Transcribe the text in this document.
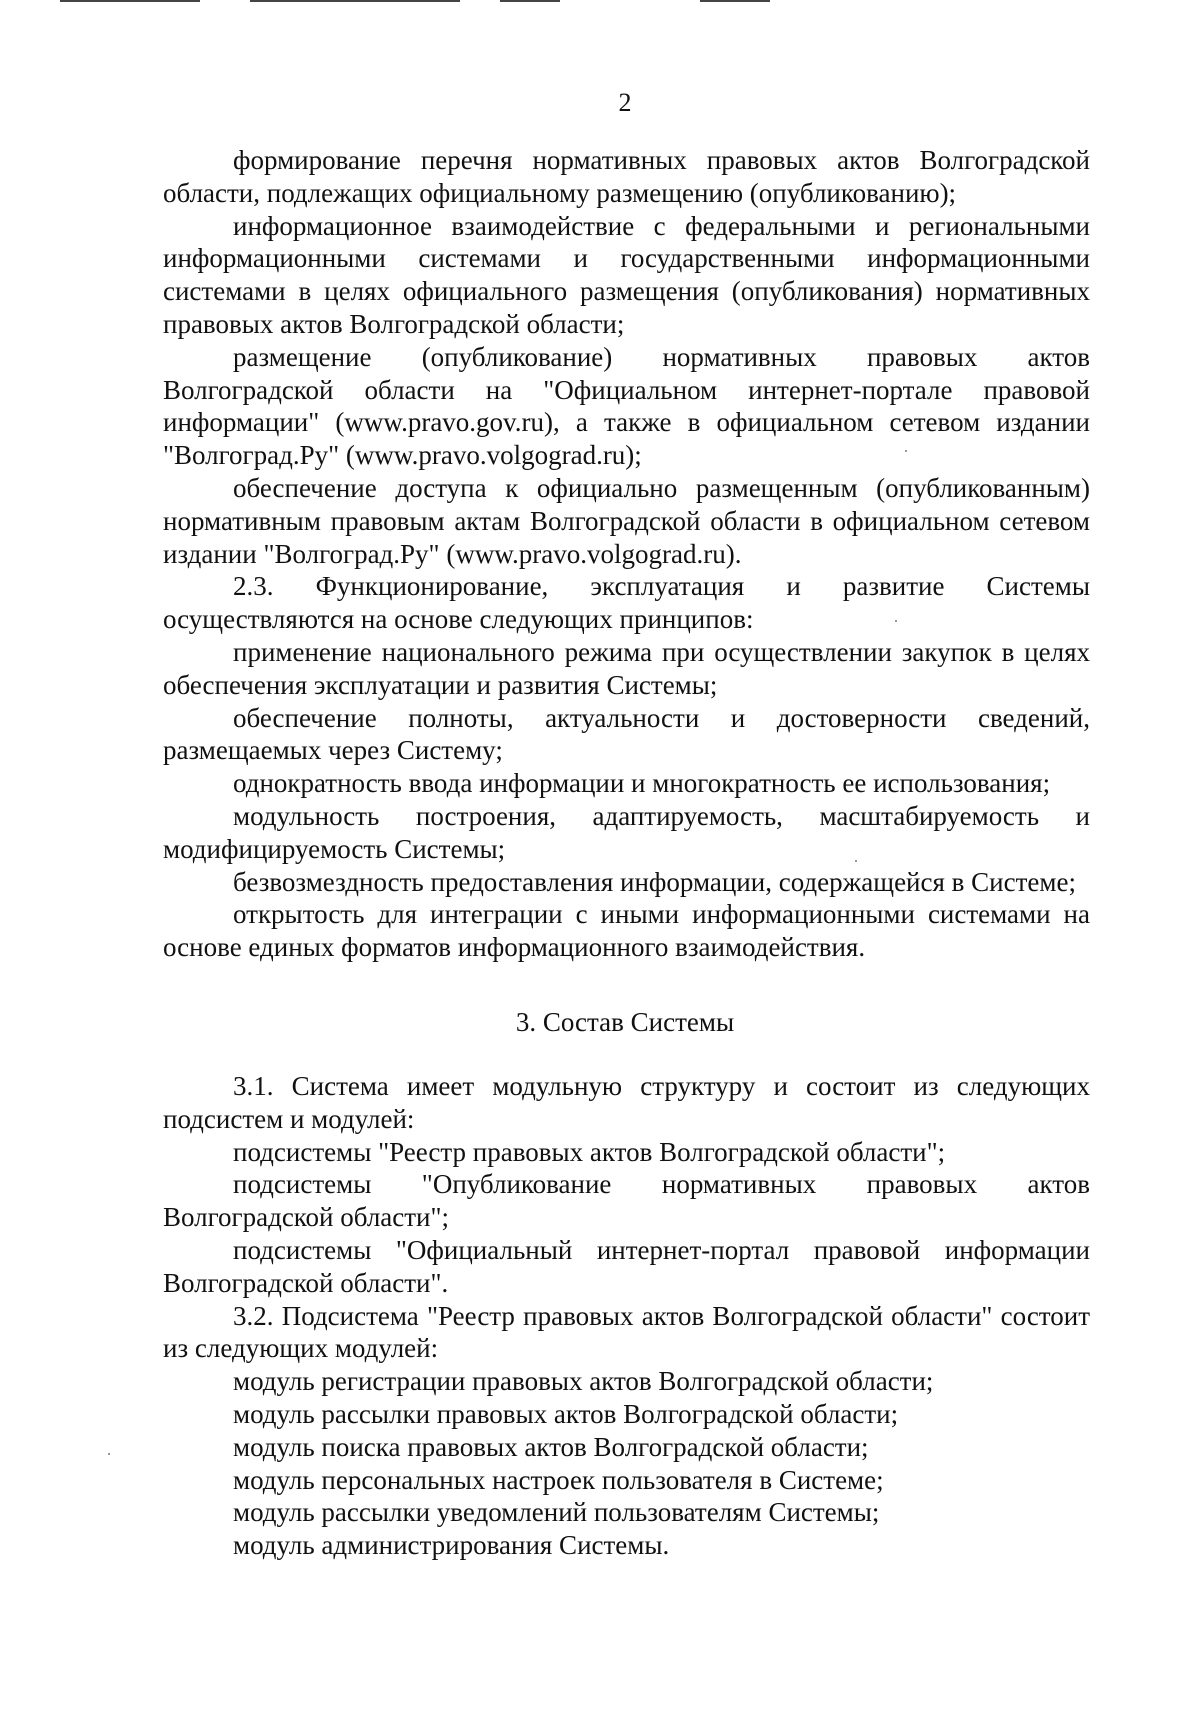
2

формирование перечня нормативных правовых актов Волгоградской области, подлежащих официальному размещению (опубликованию);

информационное взаимодействие с федеральными и региональными информационными системами и государственными информационными системами в целях официального размещения (опубликования) нормативных правовых актов Волгоградской области;

размещение (опубликование) нормативных правовых актов Волгоградской области на "Официальном интернет-портале правовой информации" (www.pravo.gov.ru), а также в официальном сетевом издании "Волгоград.Ру" (www.pravo.volgograd.ru);

обеспечение доступа к официально размещенным (опубликованным) нормативным правовым актам Волгоградской области в официальном сетевом издании "Волгоград.Ру" (www.pravo.volgograd.ru).

2.3. Функционирование, эксплуатация и развитие Системы осуществляются на основе следующих принципов:

применение национального режима при осуществлении закупок в целях обеспечения эксплуатации и развития Системы;

обеспечение полноты, актуальности и достоверности сведений, размещаемых через Систему;

однократность ввода информации и многократность ее использования;

модульность построения, адаптируемость, масштабируемость и модифицируемость Системы;

безвозмездность предоставления информации, содержащейся в Системе;

открытость для интеграции с иными информационными системами на основе единых форматов информационного взаимодействия.

3. Состав Системы

3.1. Система имеет модульную структуру и состоит из следующих подсистем и модулей:

подсистемы "Реестр правовых актов Волгоградской области";

подсистемы "Опубликование нормативных правовых актов Волгоградской области";

подсистемы "Официальный интернет-портал правовой информации Волгоградской области".

3.2. Подсистема "Реестр правовых актов Волгоградской области" состоит из следующих модулей:

модуль регистрации правовых актов Волгоградской области;

модуль рассылки правовых актов Волгоградской области;

модуль поиска правовых актов Волгоградской области;

модуль персональных настроек пользователя в Системе;

модуль рассылки уведомлений пользователям Системы;

модуль администрирования Системы.
